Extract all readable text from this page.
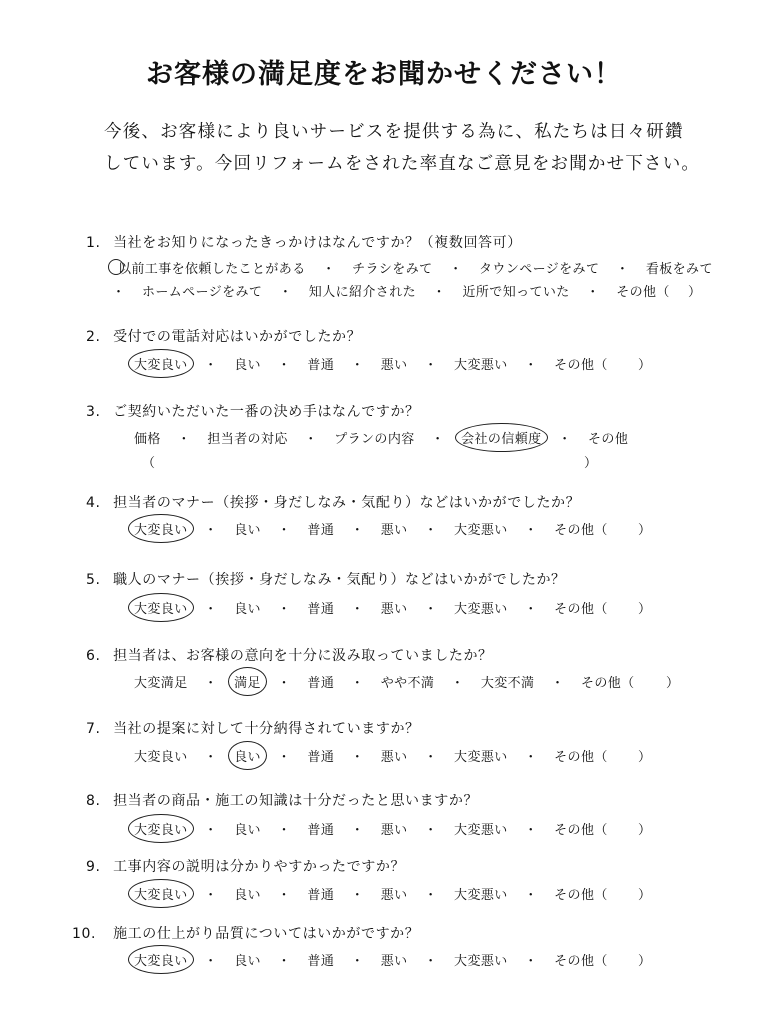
お客様の満足度をお聞かせください！
今後、お客様により良いサービスを提供する為に、私たちは日々研鑽
しています。今回リフォームをされた率直なご意見をお聞かせ下さい。
1. 当社をお知りになったきっかけはなんですか？（複数回答可）
以前工事を依頼したことがある ・ チラシをみて ・ タウンページをみて ・ 看板をみて
・ ホームページをみて ・ 知人に紹介された ・ 近所で知っていた ・ その他（ ）
2. 受付での電話対応はいかがでしたか？
大変良い ・ 良い ・ 普通 ・ 悪い ・ 大変悪い ・ その他（ ）
3. ご契約いただいた一番の決め手はなんですか？
価格 ・ 担当者の対応 ・ プランの内容 ・ 会社の信頼度 ・ その他
（	）
4. 担当者のマナー（挨拶・身だしなみ・気配り）などはいかがでしたか？
大変良い ・ 良い ・ 普通 ・ 悪い ・ 大変悪い ・ その他（ ）
5. 職人のマナー（挨拶・身だしなみ・気配り）などはいかがでしたか？
大変良い ・ 良い ・ 普通 ・ 悪い ・ 大変悪い ・ その他（ ）
6. 担当者は、お客様の意向を十分に汲み取っていましたか？
大変満足 ・ 満足 ・ 普通 ・ やや不満 ・ 大変不満 ・ その他（ ）
7. 当社の提案に対して十分納得されていますか？
大変良い ・ 良い ・ 普通 ・ 悪い ・ 大変悪い ・ その他（ ）
8. 担当者の商品・施工の知識は十分だったと思いますか？
大変良い ・ 良い ・ 普通 ・ 悪い ・ 大変悪い ・ その他（ ）
9. 工事内容の説明は分かりやすかったですか？
大変良い ・ 良い ・ 普通 ・ 悪い ・ 大変悪い ・ その他（ ）
10. 施工の仕上がり品質についてはいかがですか？
大変良い ・ 良い ・ 普通 ・ 悪い ・ 大変悪い ・ その他（ ）
